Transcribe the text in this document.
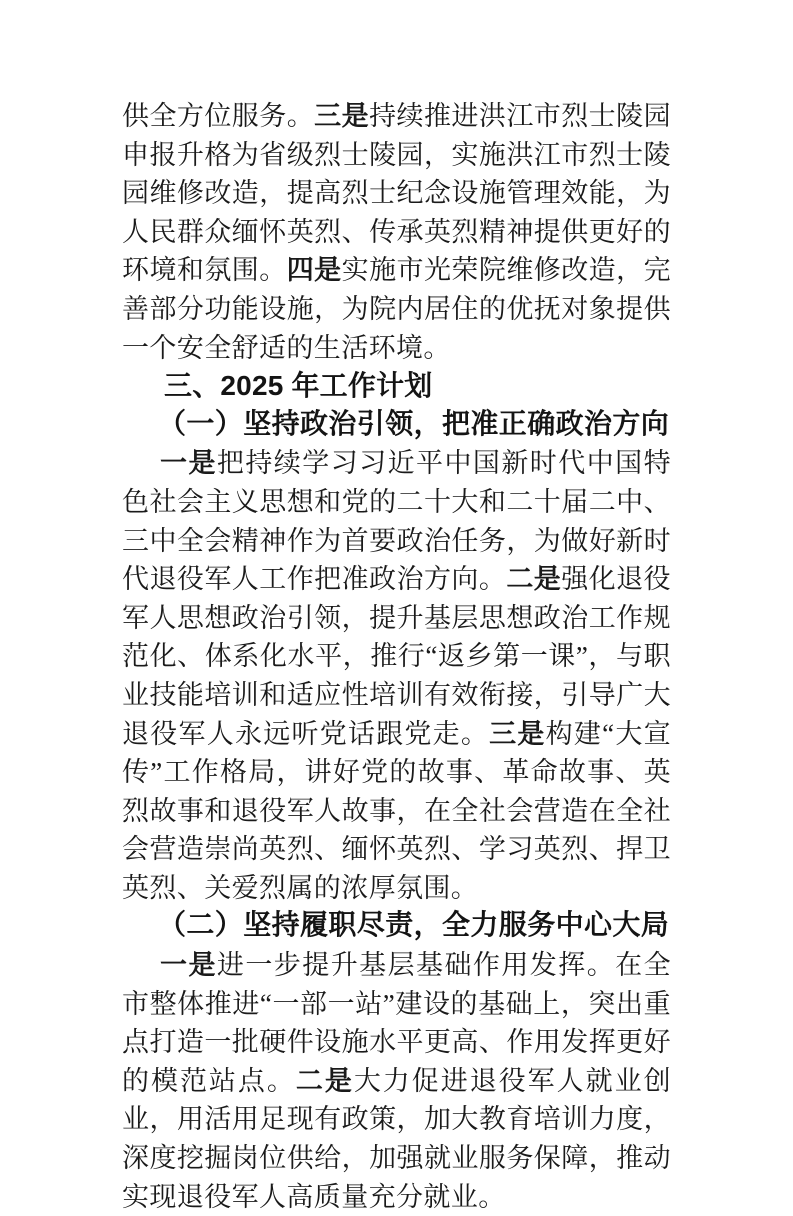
供全方位服务。三是持续推进洪江市烈士陵园申报升格为省级烈士陵园，实施洪江市烈士陵园维修改造，提高烈士纪念设施管理效能，为人民群众缅怀英烈、传承英烈精神提供更好的环境和氛围。四是实施市光荣院维修改造，完善部分功能设施，为院内居住的优抚对象提供一个安全舒适的生活环境。

三、2025 年工作计划
（一）坚持政治引领，把准正确政治方向

一是把持续学习习近平中国新时代中国特色社会主义思想和党的二十大和二十届二中、三中全会精神作为首要政治任务，为做好新时代退役军人工作把准政治方向。二是强化退役军人思想政治引领，提升基层思想政治工作规范化、体系化水平，推行“返乡第一课”，与职业技能培训和适应性培训有效衔接，引导广大退役军人永远听党话跟党走。三是构建“大宣传”工作格局，讲好党的故事、革命故事、英烈故事和退役军人故事，在全社会营造在全社会营造崇尚英烈、缅怀英烈、学习英烈、捍卫英烈、关爱烈属的浓厚氛围。

（二）坚持履职尽责，全力服务中心大局

一是进一步提升基层基础作用发挥。在全市整体推进“一部一站”建设的基础上，突出重点打造一批硬件设施水平更高、作用发挥更好的模范站点。二是大力促进退役军人就业创业，用活用足现有政策，加大教育培训力度，深度挖掘岗位供给，加强就业服务保障，推动实现退役军人高质量充分就业。
